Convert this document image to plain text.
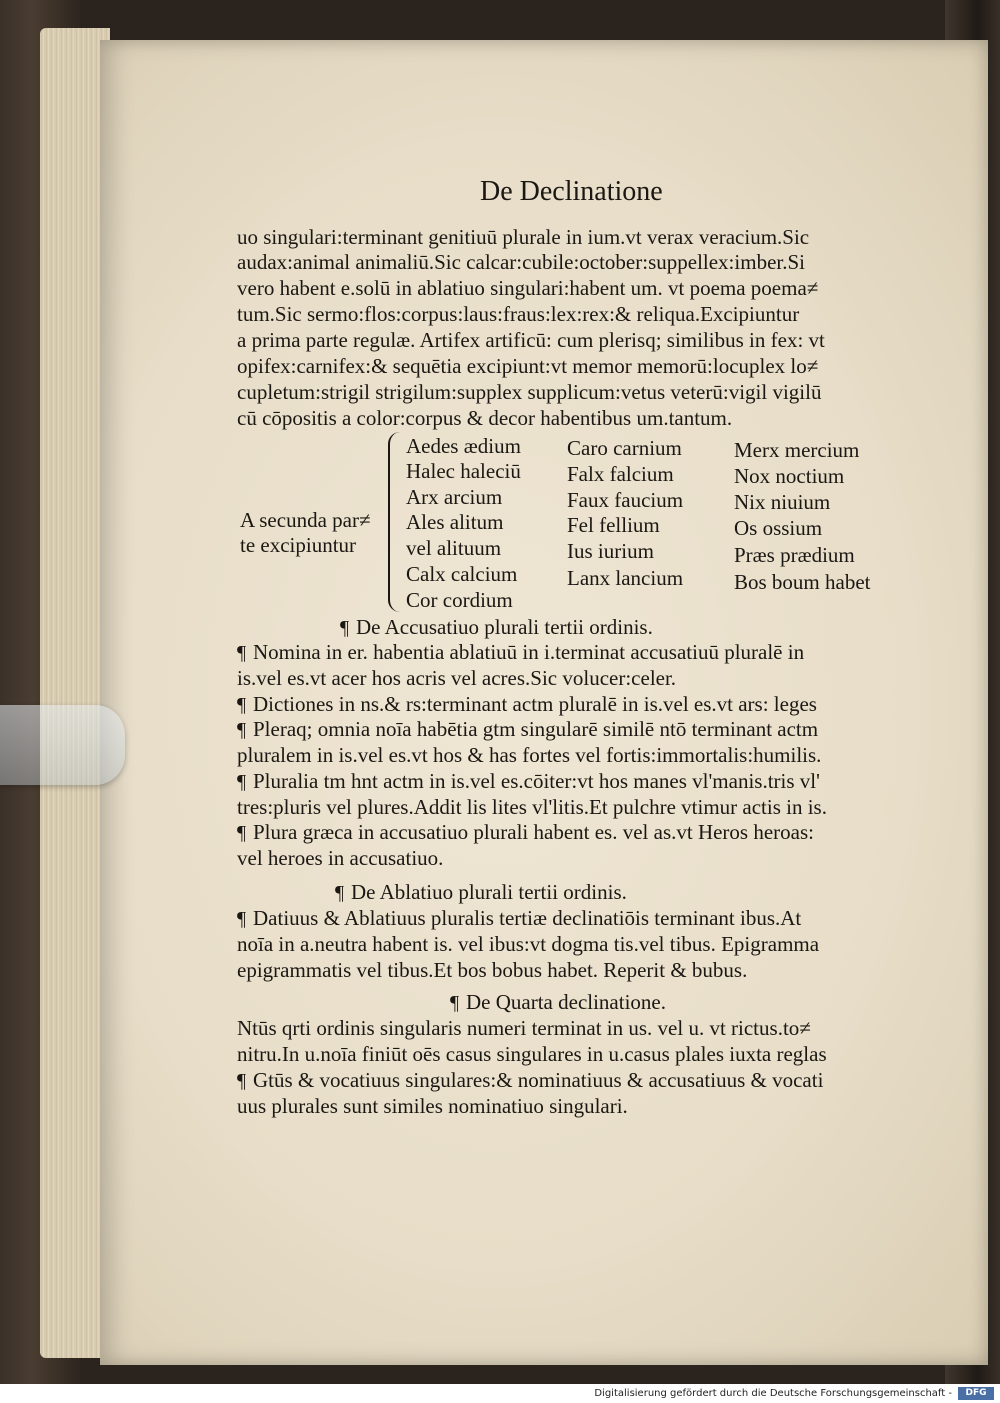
De Declinatione
uo singulari:terminant genitiuū plurale in ium.vt verax veracium.Sic
audax:animal animaliū.Sic calcar:cubile:october:suppellex:imber.Si
vero habent e.solū in ablatiuo singulari:habent um. vt poema poema≠
tum.Sic sermo:flos:corpus:laus:fraus:lex:rex:& reliqua.Excipiuntur
a prima parte regulæ. Artifex artificū: cum plerisq; similibus in fex: vt
opifex:carnifex:& sequētia excipiunt:vt memor memorū:locuplex lo≠
cupletum:strigil strigilum:supplex supplicum:vetus veterū:vigil vigilū
cū cōpositis a color:corpus & decor habentibus um.tantum.
A secunda par≠
te excipiuntur
Aedes ædium
Halec haleciū
Arx arcium
Ales alitum
vel alituum
Calx calcium
Cor cordium
Caro carnium
Falx falcium
Faux faucium
Fel fellium
Ius iurium
Lanx lancium
Merx mercium
Nox noctium
Nix niuium
Os ossium
Præs prædium
Bos boum habet
¶ De Accusatiuo plurali tertii ordinis.
¶ Nomina in er. habentia ablatiuū in i.terminat accusatiuū pluralē in
is.vel es.vt acer hos acris vel acres.Sic volucer:celer.
¶ Dictiones in ns.& rs:terminant actm pluralē in is.vel es.vt ars: leges
¶ Pleraq; omnia noīa habētia gtm singularē similē ntō terminant actm
pluralem in is.vel es.vt hos & has fortes vel fortis:immortalis:humilis.
¶ Pluralia tm hnt actm in is.vel es.cōiter:vt hos manes vl'manis.tris vl'
tres:pluris vel plures.Addit lis lites vl'litis.Et pulchre vtimur actis in is.
¶ Plura græca in accusatiuo plurali habent es. vel as.vt Heros heroas:
vel heroes in accusatiuo.
¶ De Ablatiuo plurali tertii ordinis.
¶ Datiuus & Ablatiuus pluralis tertiæ declinatiōis terminant ibus.At
noīa in a.neutra habent is. vel ibus:vt dogma tis.vel tibus. Epigramma
epigrammatis vel tibus.Et bos bobus habet. Reperit & bubus.
¶ De Quarta declinatione.
Ntūs qrti ordinis singularis numeri terminat in us. vel u. vt rictus.to≠
nitru.In u.noīa finiūt oēs casus singulares in u.casus plales iuxta reglas
¶ Gtūs & vocatiuus singulares:& nominatiuus & accusatiuus & vocati
uus plurales sunt similes nominatiuo singulari.
Digitalisierung gefördert durch die Deutsche Forschungsgemeinschaft -	DFG
